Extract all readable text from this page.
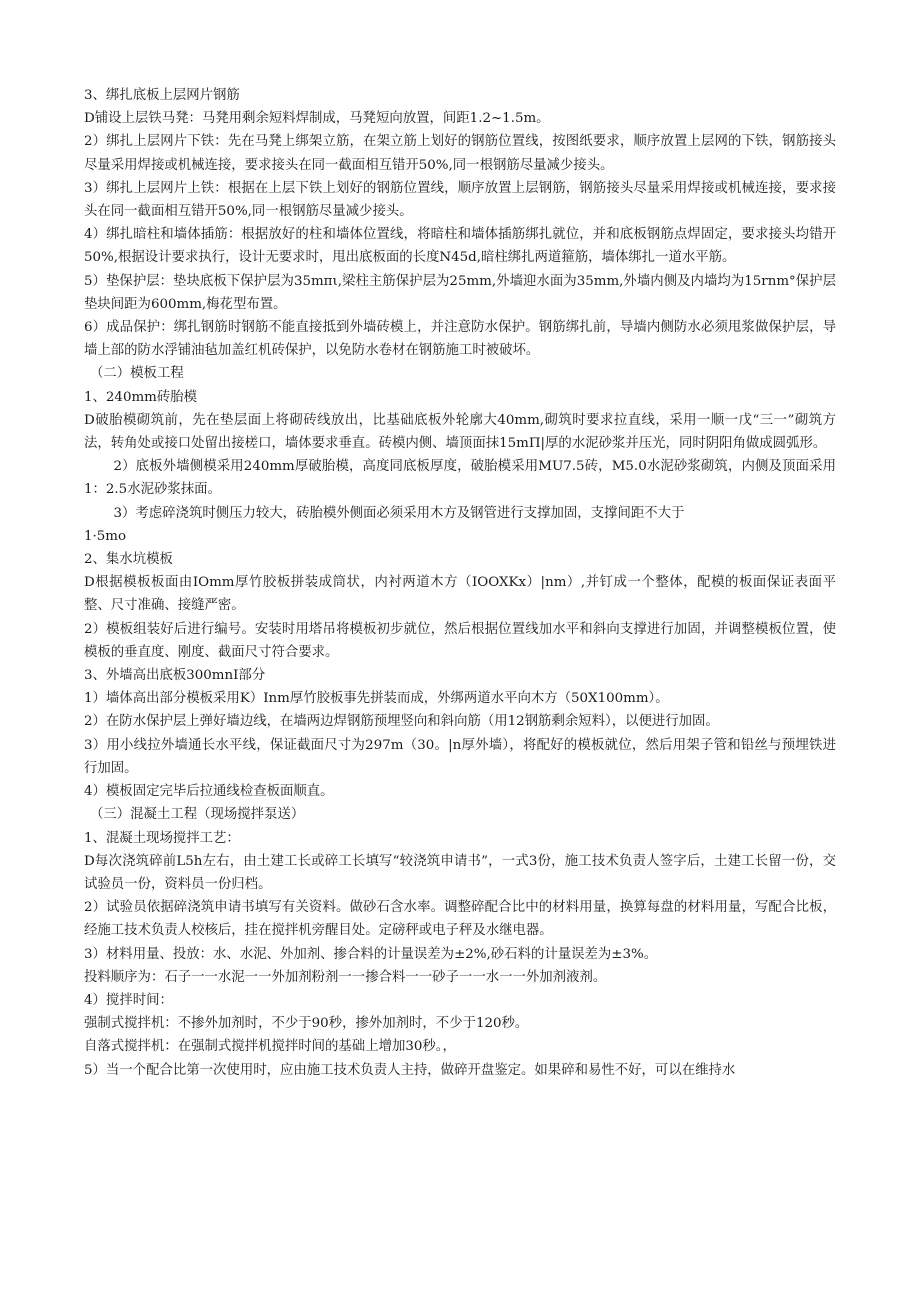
3、绑扎底板上层网片钢筋

D铺设上层铁马凳：马凳用剩余短料焊制成，马凳短向放置，间距1.2~1.5m。

2）绑扎上层网片下铁：先在马凳上绑架立筋，在架立筋上划好的钢筋位置线，按图纸要求，顺序放置上层网的下铁，钢筋接头尽量采用焊接或机械连接，要求接头在同一截面相互错开50%,同一根钢筋尽量减少接头。

3）绑扎上层网片上铁：根据在上层下铁上划好的钢筋位置线，顺序放置上层钢筋，钢筋接头尽量采用焊接或机械连接，要求接头在同一截面相互错开50%,同一根钢筋尽量减少接头。

4）绑扎暗柱和墙体插筋：根据放好的柱和墙体位置线，将暗柱和墙体插筋绑扎就位，并和底板钢筋点焊固定，要求接头均错开50%,根据设计要求执行，设计无要求时，甩出底板面的长度N45d,暗柱绑扎两道箍筋，墙体绑扎一道水平筋。

5）垫保护层：垫块底板下保护层为35mπι,梁柱主筋保护层为25mm,外墙迎水面为35mm,外墙内侧及内墙均为15rnm°保护层垫块间距为600mm,梅花型布置。

6）成品保护：绑扎钢筋时钢筋不能直接抵到外墙砖模上，并注意防水保护。钢筋绑扎前，导墙内侧防水必须甩浆做保护层，导墙上部的防水浮铺油毡加盖红机砖保护，以免防水卷材在钢筋施工时被破坏。

（二）模板工程

1、240mm砖胎模

D破胎模砌筑前，先在垫层面上将砌砖线放出，比基础底板外轮廓大40mm,砌筑时要求拉直线，采用一顺一戊“三一”砌筑方法，转角处或接口处留出接槎口，墙体要求垂直。砖模内侧、墙顶面抹15mΠ|厚的水泥砂浆并压光，同时阴阳角做成圆弧形。

2）底板外墙侧模采用240mm厚破胎模，高度同底板厚度，破胎模采用MU7.5砖，M5.0水泥砂浆砌筑，内侧及顶面采用1：2.5水泥砂浆抹面。

3）考虑碎浇筑时侧压力较大，砖胎模外侧面必须采用木方及钢管进行支撑加固，支撑间距不大于

1·5mo

2、集水坑模板

D根据模板板面由IOmm厚竹胶板拼装成筒状，内衬两道木方（IOOXKx）|nm）,并钉成一个整体，配模的板面保证表面平整、尺寸准确、接缝严密。

2）模板组装好后进行编号。安装时用塔吊将模板初步就位，然后根据位置线加水平和斜向支撑进行加固，并调整模板位置，使模板的垂直度、刚度、截面尺寸符合要求。

3、外墙高出底板300mnI部分

1）墙体高出部分模板采用K）Inm厚竹胶板事先拼装而成，外绑两道水平向木方（50X100mm）。

2）在防水保护层上弹好墙边线，在墙两边焊钢筋预埋竖向和斜向筋（用12钢筋剩余短料），以便进行加固。

3）用小线拉外墙通长水平线，保证截面尺寸为297m（30。|n厚外墙），将配好的模板就位，然后用架子管和铅丝与预埋铁进行加固。

4）模板固定完毕后拉通线检查板面顺直。

（三）混凝土工程（现场搅拌泵送）

1、混凝土现场搅拌工艺：

D每次浇筑碎前L5h左右，由土建工长或碎工长填写“较浇筑申请书”，一式3份，施工技术负责人签字后，土建工长留一份，交试验员一份，资料员一份归档。

2）试验员依据碎浇筑申请书填写有关资料。做砂石含水率。调整碎配合比中的材料用量，换算每盘的材料用量，写配合比板，经施工技术负责人校核后，挂在搅拌机旁醒目处。定磅秤或电子秤及水继电器。

3）材料用量、投放：水、水泥、外加剂、掺合料的计量误差为±2%,砂石料的计量误差为±3%。

投料顺序为：石子一一水泥一一外加剂粉剂一一掺合料一一砂子一一水一一外加剂液剂。

4）搅拌时间：

强制式搅拌机：不掺外加剂时，不少于90秒，掺外加剂时，不少于120秒。

自落式搅拌机：在强制式搅拌机搅拌时间的基础上增加30秒。，

5）当一个配合比第一次使用时，应由施工技术负责人主持，做碎开盘鉴定。如果碎和易性不好，可以在维持水
